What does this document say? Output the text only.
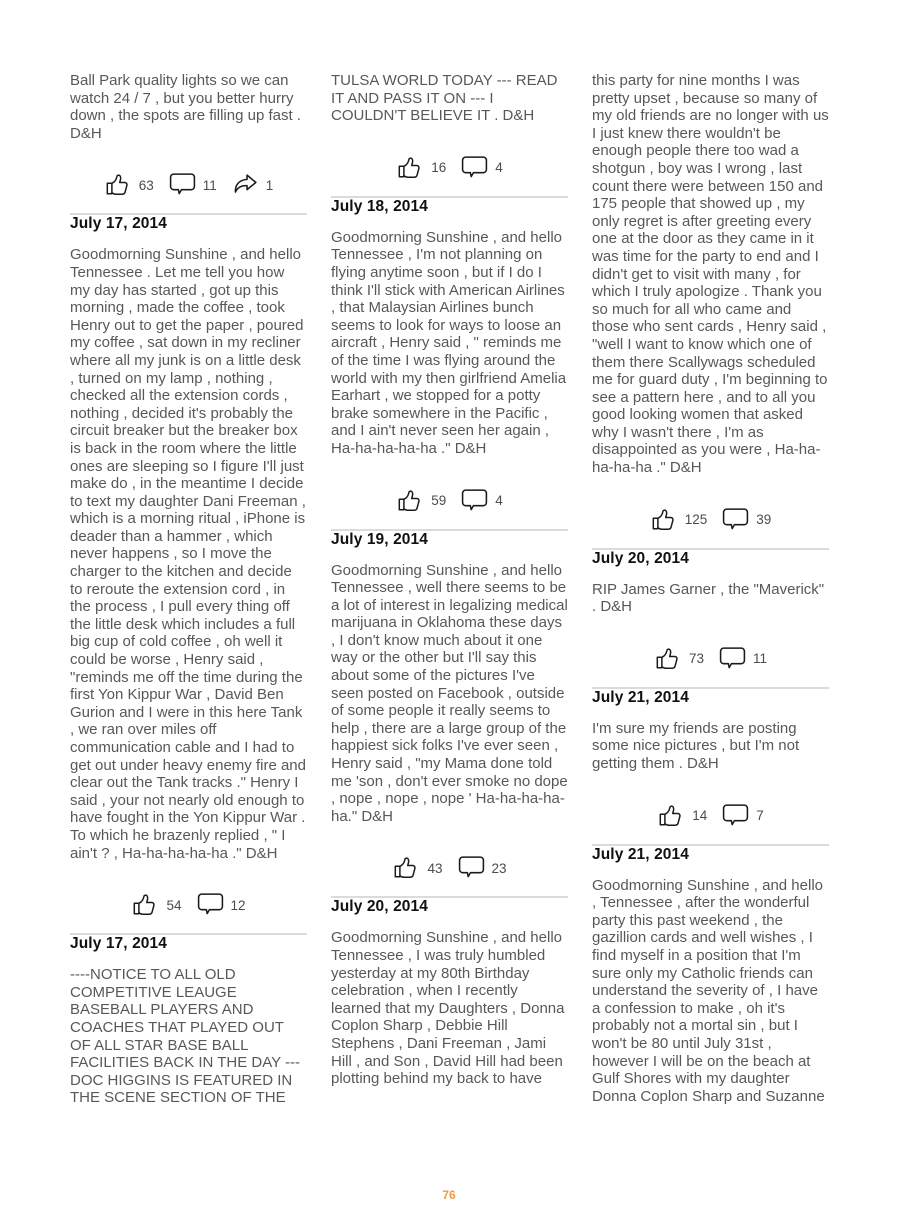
Ball Park quality lights so we can watch 24 / 7 , but you better hurry down , the spots are filling up fast . D&H

63	11	1
July 17, 2014

Goodmorning Sunshine , and hello Tennessee . Let me tell you how my day has started , got up this morning , made the coffee , took Henry out to get the paper , poured my coffee , sat down in my recliner where all my junk is on a little desk , turned on my lamp , nothing , checked all the extension cords , nothing , decided it's probably the circuit breaker but the breaker box is back in the room where the little ones are sleeping so I figure I'll just make do , in the meantime I decide to text my daughter Dani Freeman , which is a morning ritual , iPhone is deader than a hammer , which never happens , so I move the charger to the kitchen and decide to reroute the extension cord , in the process , I pull every thing off the little desk which includes a full big cup of cold coffee , oh well it could be worse , Henry said , "reminds me off the time during the first Yon Kippur War , David Ben Gurion and I were in this here Tank , we ran over miles off communication cable and I had to get out under heavy enemy fire and clear out the Tank tracks ." Henry I said , your not nearly old enough to have fought in the Yon Kippur War . To which he brazenly replied , " I ain't ? , Ha-ha-ha-ha-ha ." D&H

54	12
July 17, 2014

----NOTICE TO ALL OLD COMPETITIVE LEAUGE BASEBALL PLAYERS AND COACHES THAT PLAYED OUT OF ALL STAR BASE BALL FACILITIES BACK IN THE DAY --- DOC HIGGINS IS FEATURED IN THE SCENE SECTION OF THE

TULSA WORLD TODAY --- READ IT AND PASS IT ON --- I COULDN'T BELIEVE IT . D&H

16	4
July 18, 2014

Goodmorning Sunshine , and hello Tennessee , I'm not planning on flying anytime soon , but if I do I think I'll stick with American Airlines , that Malaysian Airlines bunch seems to look for ways to loose an aircraft , Henry said , " reminds me of the time I was flying around the world with my then girlfriend Amelia Earhart , we stopped for a potty brake somewhere in the Pacific , and I ain't never seen her again , Ha-ha-ha-ha-ha ." D&H

59	4
July 19, 2014

Goodmorning Sunshine , and hello Tennessee , well there seems to be a lot of interest in legalizing medical marijuana in Oklahoma these days , I don't know much about it one way or the other but I'll say this about some of the pictures I've seen posted on Facebook , outside of some people it really seems to help , there are a large group of the happiest sick folks I've ever seen , Henry said , "my Mama done told me 'son , don't ever smoke no dope , nope , nope , nope ' Ha-ha-ha-ha-ha." D&H

43	23
July 20, 2014

Goodmorning Sunshine , and hello Tennessee , I was truly humbled yesterday at my 80th Birthday celebration , when I recently learned that my Daughters , Donna Coplon Sharp , Debbie Hill Stephens , Dani Freeman , Jami Hill , and Son , David Hill had been plotting behind my back to have

this party for nine months I was pretty upset , because so many of my old friends are no longer with us I just knew there wouldn't be enough people there too wad a shotgun , boy was I wrong , last count there were between 150 and 175 people that showed up , my only regret is after greeting every one at the door as they came in it was time for the party to end and I didn't get to visit with many , for which I truly apologize . Thank you so much for all who came and those who sent cards , Henry said , "well I want to know which one of them there Scallywags scheduled me for guard duty , I'm beginning to see a pattern here , and to all you good looking women that asked why I wasn't there , I'm as disappointed as you were , Ha-ha-ha-ha-ha ." D&H

125	39
July 20, 2014

RIP James Garner , the "Maverick" . D&H

73	11
July 21, 2014

I'm sure my friends are posting some nice pictures , but I'm not getting them . D&H

14	7
July 21, 2014

Goodmorning Sunshine , and hello , Tennessee , after the wonderful party this past weekend , the gazillion cards and well wishes , I find myself in a position that I'm sure only my Catholic friends can understand the severity of , I have a confession to make , oh it's probably not a mortal sin , but I won't be 80 until July 31st , however I will be on the beach at Gulf Shores with my daughter Donna Coplon Sharp and Suzanne

76
